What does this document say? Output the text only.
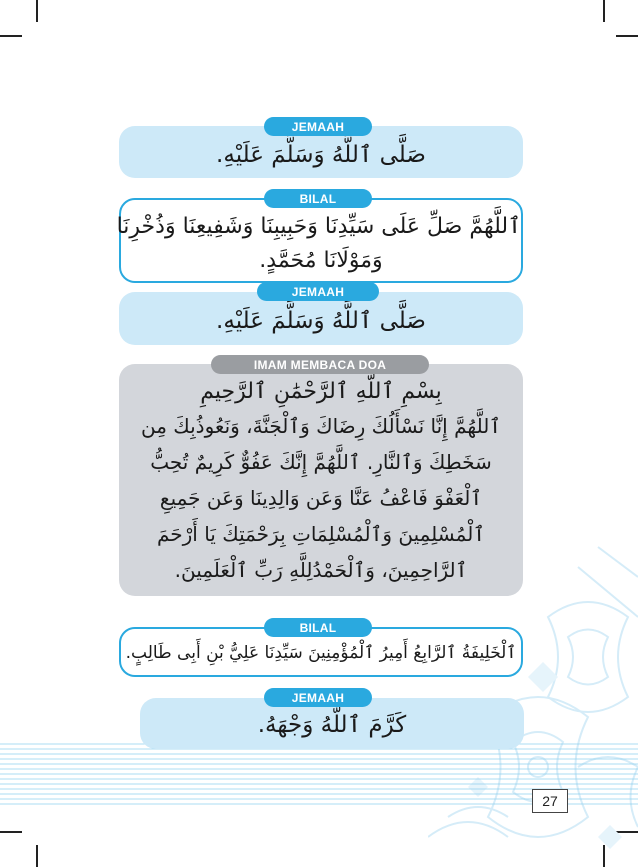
صَلَّى ٱللَّهُ وَسَلَّمَ عَلَيْهِ.
JEMAAH
ٱللَّهُمَّ صَلِّ عَلَى سَيِّدِنَا وَحَبِيبِنَا وَشَفِيعِنَا وَذُخْرِنَا
وَمَوْلَانَا مُحَمَّدٍ.
BILAL
صَلَّى ٱللَّهُ وَسَلَّمَ عَلَيْهِ.
JEMAAH
بِسْمِ ٱللَّهِ ٱلرَّحْمَٰنِ ٱلرَّحِيمِ
ٱللَّهُمَّ إِنَّا نَسْأَلُكَ رِضَاكَ وَٱلْجَنَّةَ، وَنَعُوذُبِكَ مِن
سَخَطِكَ وَٱلنَّارِ. ٱللَّهُمَّ إِنَّكَ عَفُوٌّ كَرِيمٌ تُحِبُّ
ٱلْعَفْوَ فَاعْفُ عَنَّا وَعَن وَالِدِينَا وَعَن جَمِيعِ
ٱلْمُسْلِمِينَ وَٱلْمُسْلِمَاتِ بِرَحْمَتِكَ يَا أَرْحَمَ
ٱلرَّاحِمِينَ، وَٱلْحَمْدُلِلَّهِ رَبِّ ٱلْعَلَمِينَ.
IMAM MEMBACA DOA
ٱلْخَلِيفَةُ ٱلرَّابِعُ أَمِيرُ ٱلْمُؤْمِنِينَ سَيِّدِنَا عَلِيُّ بْنِ أَبِى طَالِبٍ.
BILAL
كَرَّمَ ٱللَّهُ وَجْهَهُ.
JEMAAH
27
